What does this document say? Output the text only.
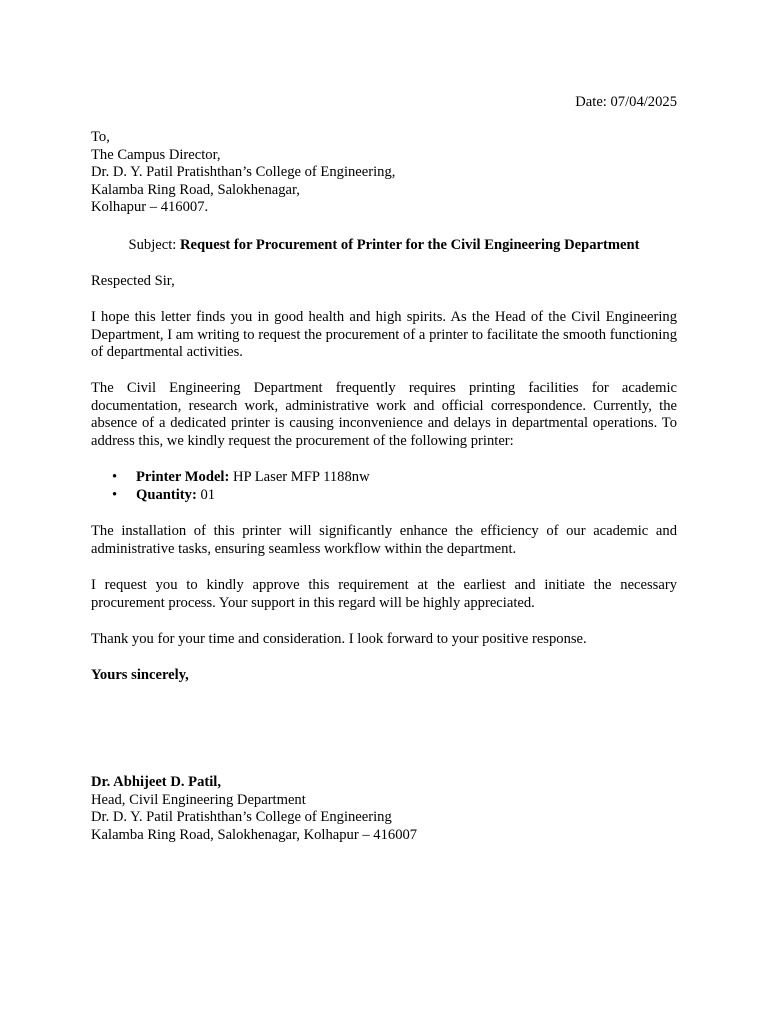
Date: 07/04/2025
To,
The Campus Director,
Dr. D. Y. Patil Pratishthan’s College of Engineering,
Kalamba Ring Road, Salokhenagar,
Kolhapur – 416007.
Subject: Request for Procurement of Printer for the Civil Engineering Department
Respected Sir,

I hope this letter finds you in good health and high spirits. As the Head of the Civil Engineering Department, I am writing to request the procurement of a printer to facilitate the smooth functioning of departmental activities.

The Civil Engineering Department frequently requires printing facilities for academic documentation, research work, administrative work and official correspondence. Currently, the absence of a dedicated printer is causing inconvenience and delays in departmental operations. To address this, we kindly request the procurement of the following printer:

• Printer Model: HP Laser MFP 1188nw
• Quantity: 01

The installation of this printer will significantly enhance the efficiency of our academic and administrative tasks, ensuring seamless workflow within the department.

I request you to kindly approve this requirement at the earliest and initiate the necessary procurement process. Your support in this regard will be highly appreciated.

Thank you for your time and consideration. I look forward to your positive response.

Yours sincerely,
Dr. Abhijeet D. Patil,
Head, Civil Engineering Department
Dr. D. Y. Patil Pratishthan’s College of Engineering
Kalamba Ring Road, Salokhenagar, Kolhapur – 416007
